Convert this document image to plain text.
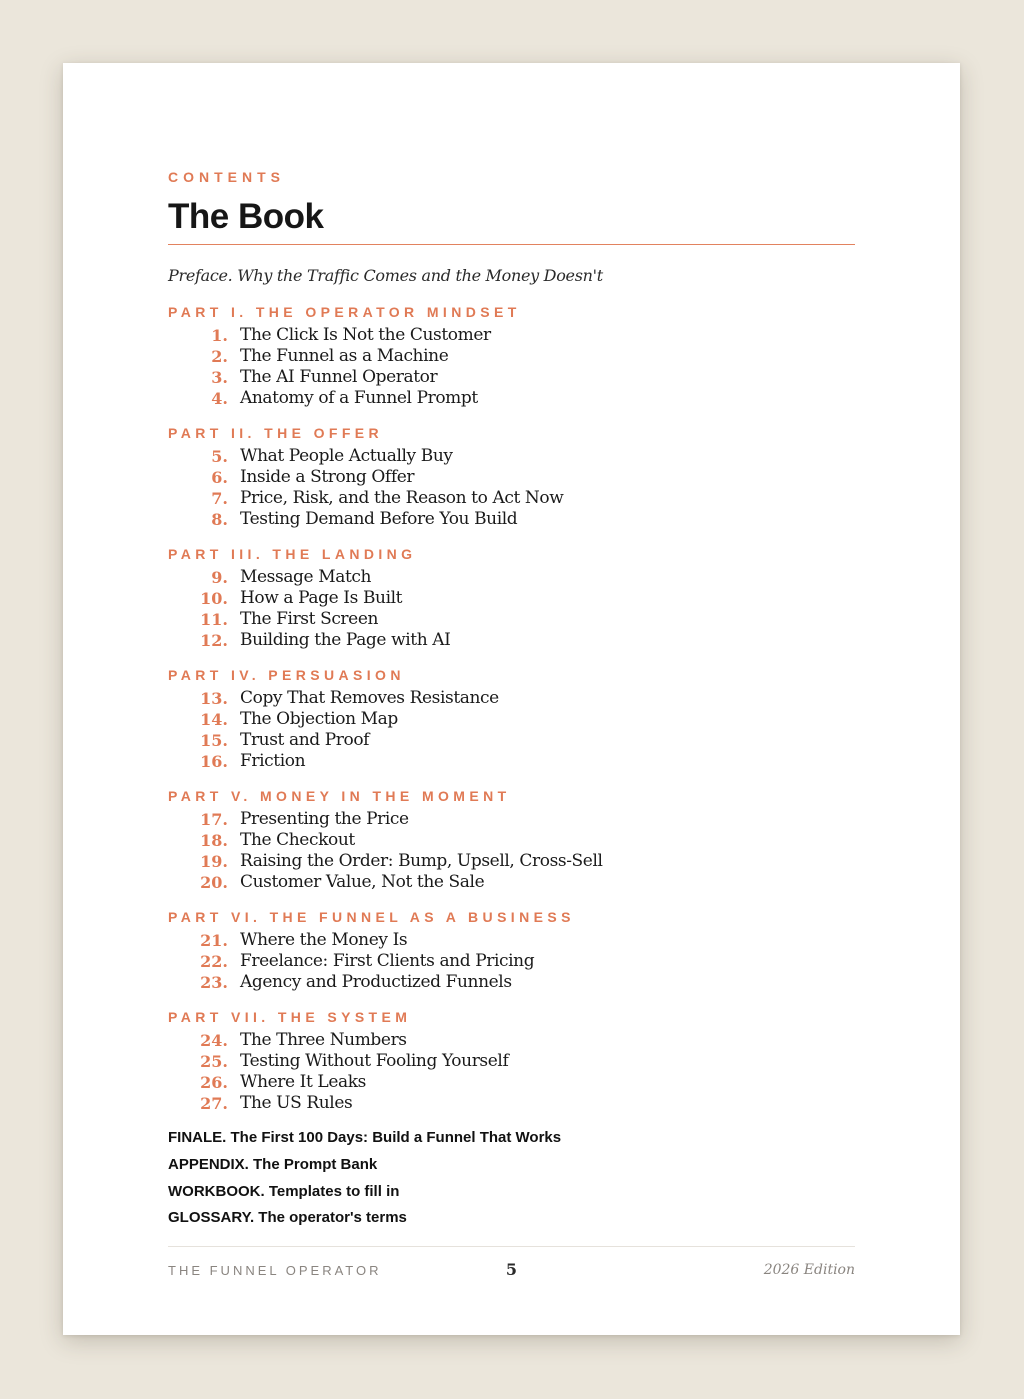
CONTENTS
The Book
Preface. Why the Traffic Comes and the Money Doesn't
PART I. THE OPERATOR MINDSET
1. The Click Is Not the Customer
2. The Funnel as a Machine
3. The AI Funnel Operator
4. Anatomy of a Funnel Prompt
PART II. THE OFFER
5. What People Actually Buy
6. Inside a Strong Offer
7. Price, Risk, and the Reason to Act Now
8. Testing Demand Before You Build
PART III. THE LANDING
9. Message Match
10. How a Page Is Built
11. The First Screen
12. Building the Page with AI
PART IV. PERSUASION
13. Copy That Removes Resistance
14. The Objection Map
15. Trust and Proof
16. Friction
PART V. MONEY IN THE MOMENT
17. Presenting the Price
18. The Checkout
19. Raising the Order: Bump, Upsell, Cross-Sell
20. Customer Value, Not the Sale
PART VI. THE FUNNEL AS A BUSINESS
21. Where the Money Is
22. Freelance: First Clients and Pricing
23. Agency and Productized Funnels
PART VII. THE SYSTEM
24. The Three Numbers
25. Testing Without Fooling Yourself
26. Where It Leaks
27. The US Rules
FINALE. The First 100 Days: Build a Funnel That Works
APPENDIX. The Prompt Bank
WORKBOOK. Templates to fill in
GLOSSARY. The operator's terms
THE FUNNEL OPERATOR	5	2026 Edition
